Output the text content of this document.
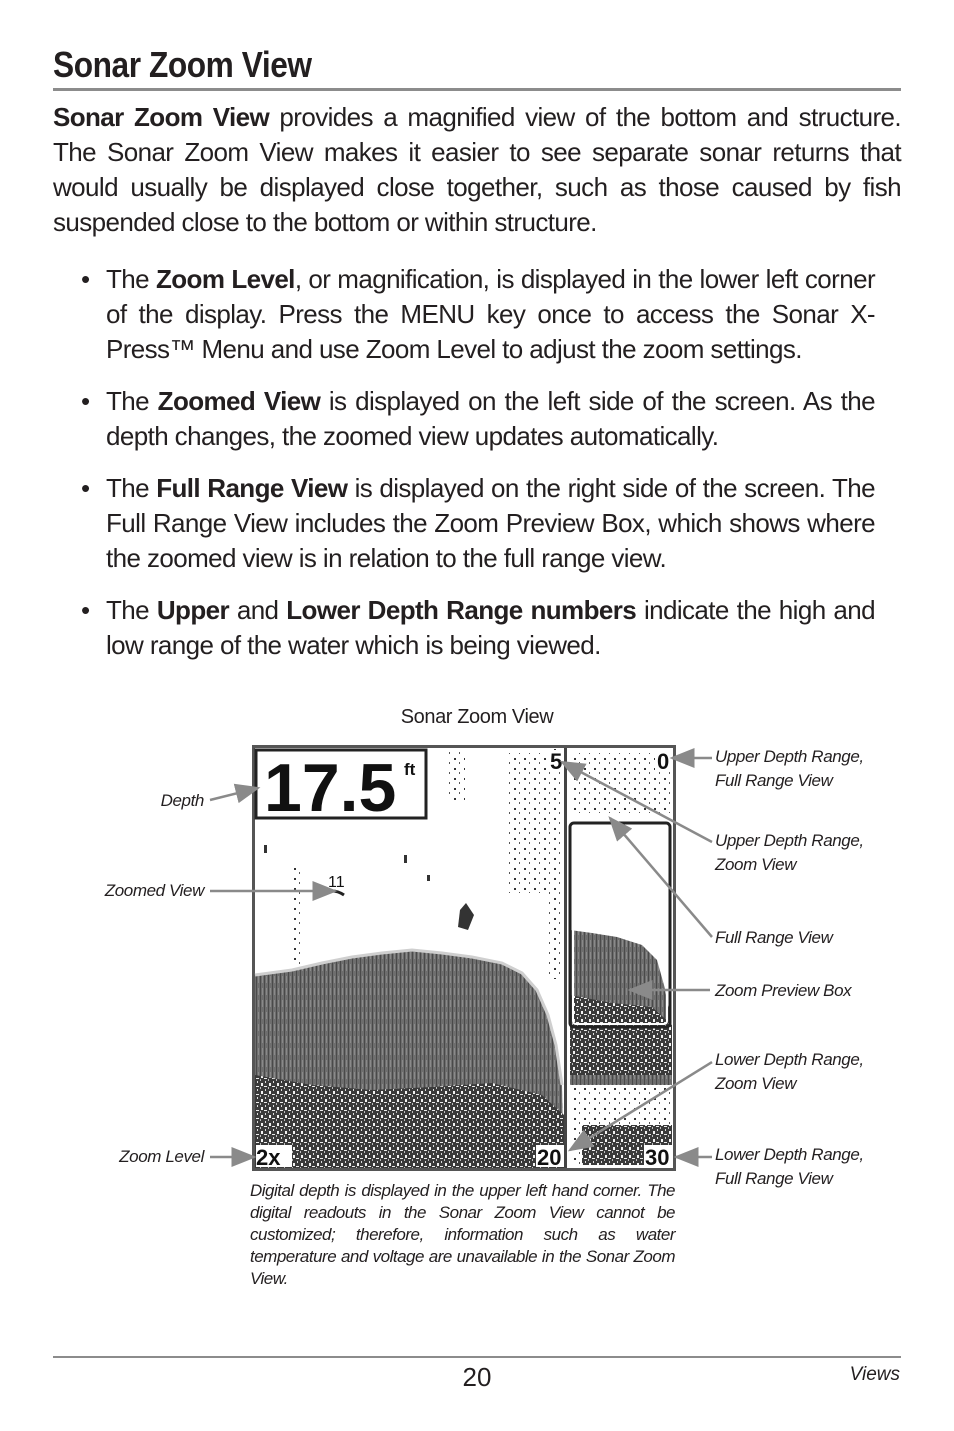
Sonar Zoom View

Sonar Zoom View provides a magnified view of the bottom and structure. The Sonar Zoom View makes it easier to see separate sonar returns that would usually be displayed close together, such as those caused by fish suspended close to the bottom or within structure.

• The Zoom Level, or magnification, is displayed in the lower left corner of the display. Press the MENU key once to access the Sonar X-Press™ Menu and use Zoom Level to adjust the zoom settings.
• The Zoomed View is displayed on the left side of the screen. As the depth changes, the zoomed view updates automatically.
• The Full Range View is displayed on the right side of the screen. The Full Range View includes the Zoom Preview Box, which shows where the zoomed view is in relation to the full range view.
• The Upper and Lower Depth Range numbers indicate the high and low range of the water which is being viewed.
Sonar Zoom View
17.5 ft
11
5	0
2x	20	30
Depth
Zoomed View
Zoom Level
Upper Depth Range,
Full Range View
Upper Depth Range,
Zoom View
Full Range View
Zoom Preview Box
Lower Depth Range,
Zoom View
Lower Depth Range,
Full Range View

Digital depth is displayed in the upper left hand corner. The digital readouts in the Sonar Zoom View cannot be customized; therefore, information such as water temperature and voltage are unavailable in the Sonar Zoom View.

20	Views
